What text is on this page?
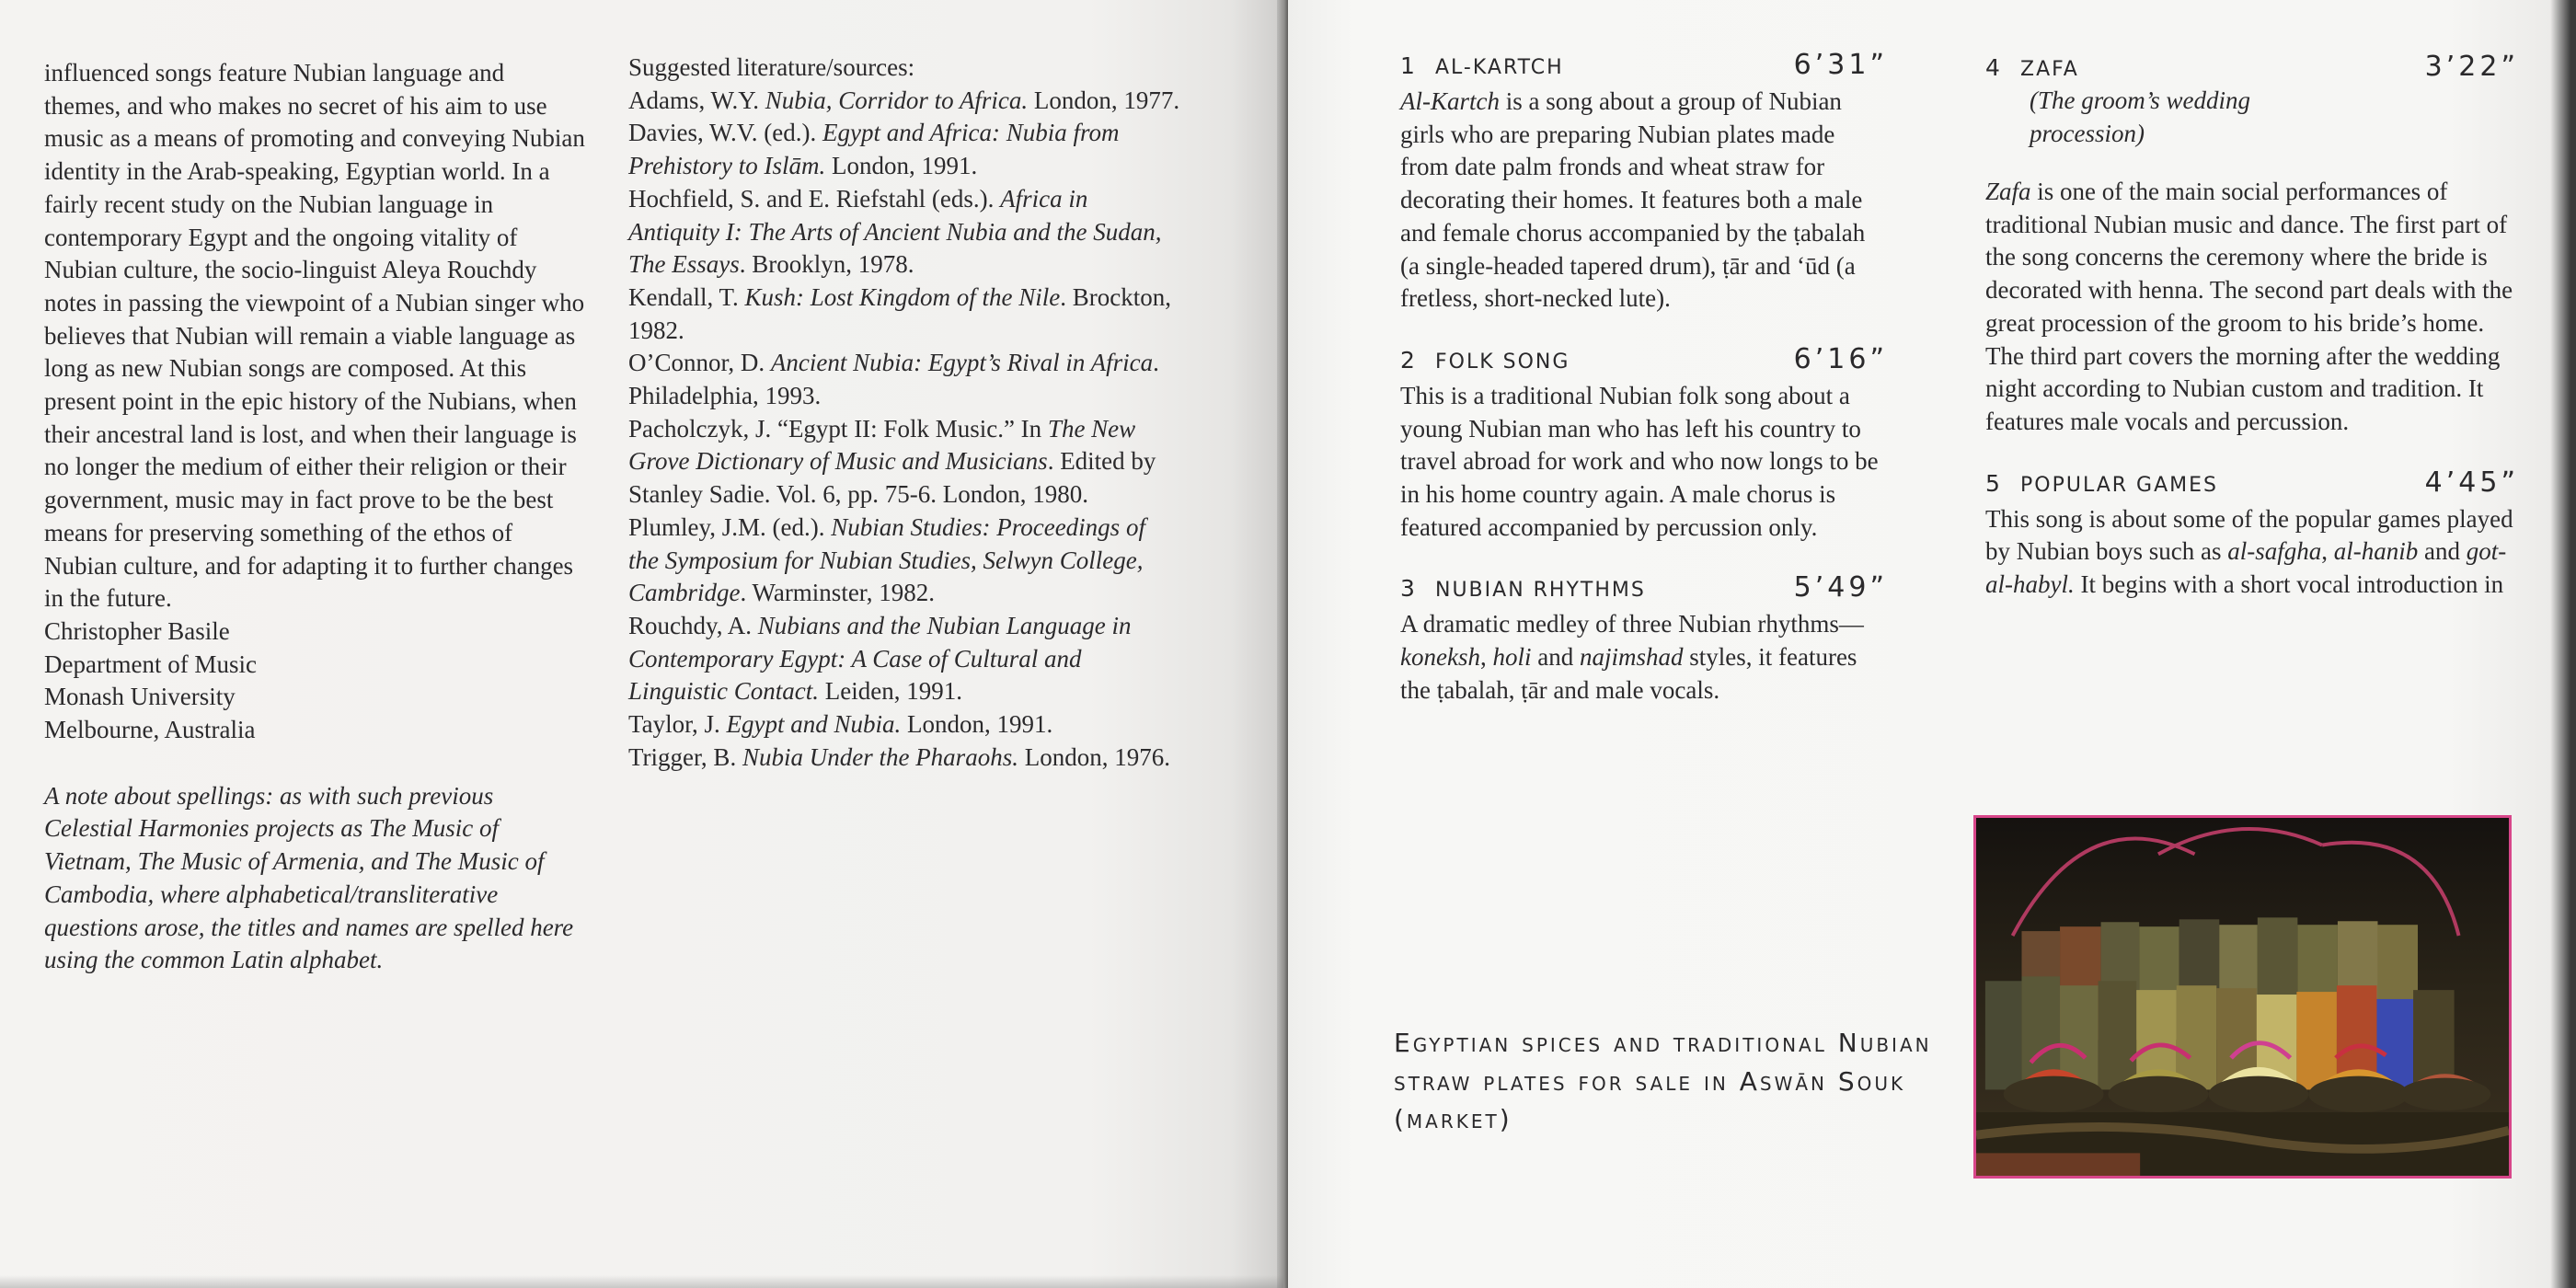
influenced songs feature Nubian language and themes, and who makes no secret of his aim to use music as a means of promoting and conveying Nubian identity in the Arab-speaking, Egyptian world. In a fairly recent study on the Nubian language in contemporary Egypt and the ongoing vitality of Nubian culture, the socio-linguist Aleya Rouchdy notes in passing the viewpoint of a Nubian singer who believes that Nubian will remain a viable language as long as new Nubian songs are composed. At this present point in the epic history of the Nubians, when their ancestral land is lost, and when their language is no longer the medium of either their religion or their government, music may in fact prove to be the best means for preserving something of the ethos of Nubian culture, and for adapting it to further changes in the future.

Christopher Basile
Department of Music
Monash University
Melbourne, Australia

A note about spellings: as with such previous Celestial Harmonies projects as The Music of Vietnam, The Music of Armenia, and The Music of Cambodia, where alphabetical/transliterative questions arose, the titles and names are spelled here using the common Latin alphabet.

Suggested literature/sources:

Adams, W.Y. Nubia, Corridor to Africa. London, 1977.

Davies, W.V. (ed.). Egypt and Africa: Nubia from Prehistory to Islām. London, 1991.

Hochfield, S. and E. Riefstahl (eds.). Africa in Antiquity I: The Arts of Ancient Nubia and the Sudan, The Essays. Brooklyn, 1978.

Kendall, T. Kush: Lost Kingdom of the Nile. Brockton, 1982.

O’Connor, D. Ancient Nubia: Egypt’s Rival in Africa. Philadelphia, 1993.

Pacholczyk, J. “Egypt II: Folk Music.” In The New Grove Dictionary of Music and Musicians. Edited by Stanley Sadie. Vol. 6, pp. 75-6. London, 1980.

Plumley, J.M. (ed.). Nubian Studies: Proceedings of the Symposium for Nubian Studies, Selwyn College, Cambridge. Warminster, 1982.

Rouchdy, A. Nubians and the Nubian Language in Contemporary Egypt: A Case of Cultural and Linguistic Contact. Leiden, 1991.

Taylor, J. Egypt and Nubia. London, 1991.

Trigger, B. Nubia Under the Pharaohs. London, 1976.

1 AL-KARTCH	6’31”

Al-Kartch is a song about a group of Nubian girls who are preparing Nubian plates made from date palm fronds and wheat straw for decorating their homes. It features both a male and female chorus accompanied by the ṭabalah (a single-headed tapered drum), ṭār and ‘ūd (a fretless, short-necked lute).

2 FOLK SONG	6’16”

This is a traditional Nubian folk song about a young Nubian man who has left his country to travel abroad for work and who now longs to be in his home country again. A male chorus is featured accompanied by percussion only.

3 NUBIAN RHYTHMS	5’49”

A dramatic medley of three Nubian rhythms—koneksh, holi and najimshad styles, it features the ṭabalah, ṭār and male vocals.

Egyptian spices and traditional Nubian straw plates for sale in Aswān Souk (market)
4 ZAFA	3’22”
(The groom’s wedding procession)

Zafa is one of the main social performances of traditional Nubian music and dance. The first part of the song concerns the ceremony where the bride is decorated with henna. The second part deals with the great procession of the groom to his bride’s home. The third part covers the morning after the wedding night according to Nubian custom and tradition. It features male vocals and percussion.

5 POPULAR GAMES	4’45”

This song is about some of the popular games played by Nubian boys such as al-safgha, al-hanib and got-al-habyl. It begins with a short vocal introduction in
